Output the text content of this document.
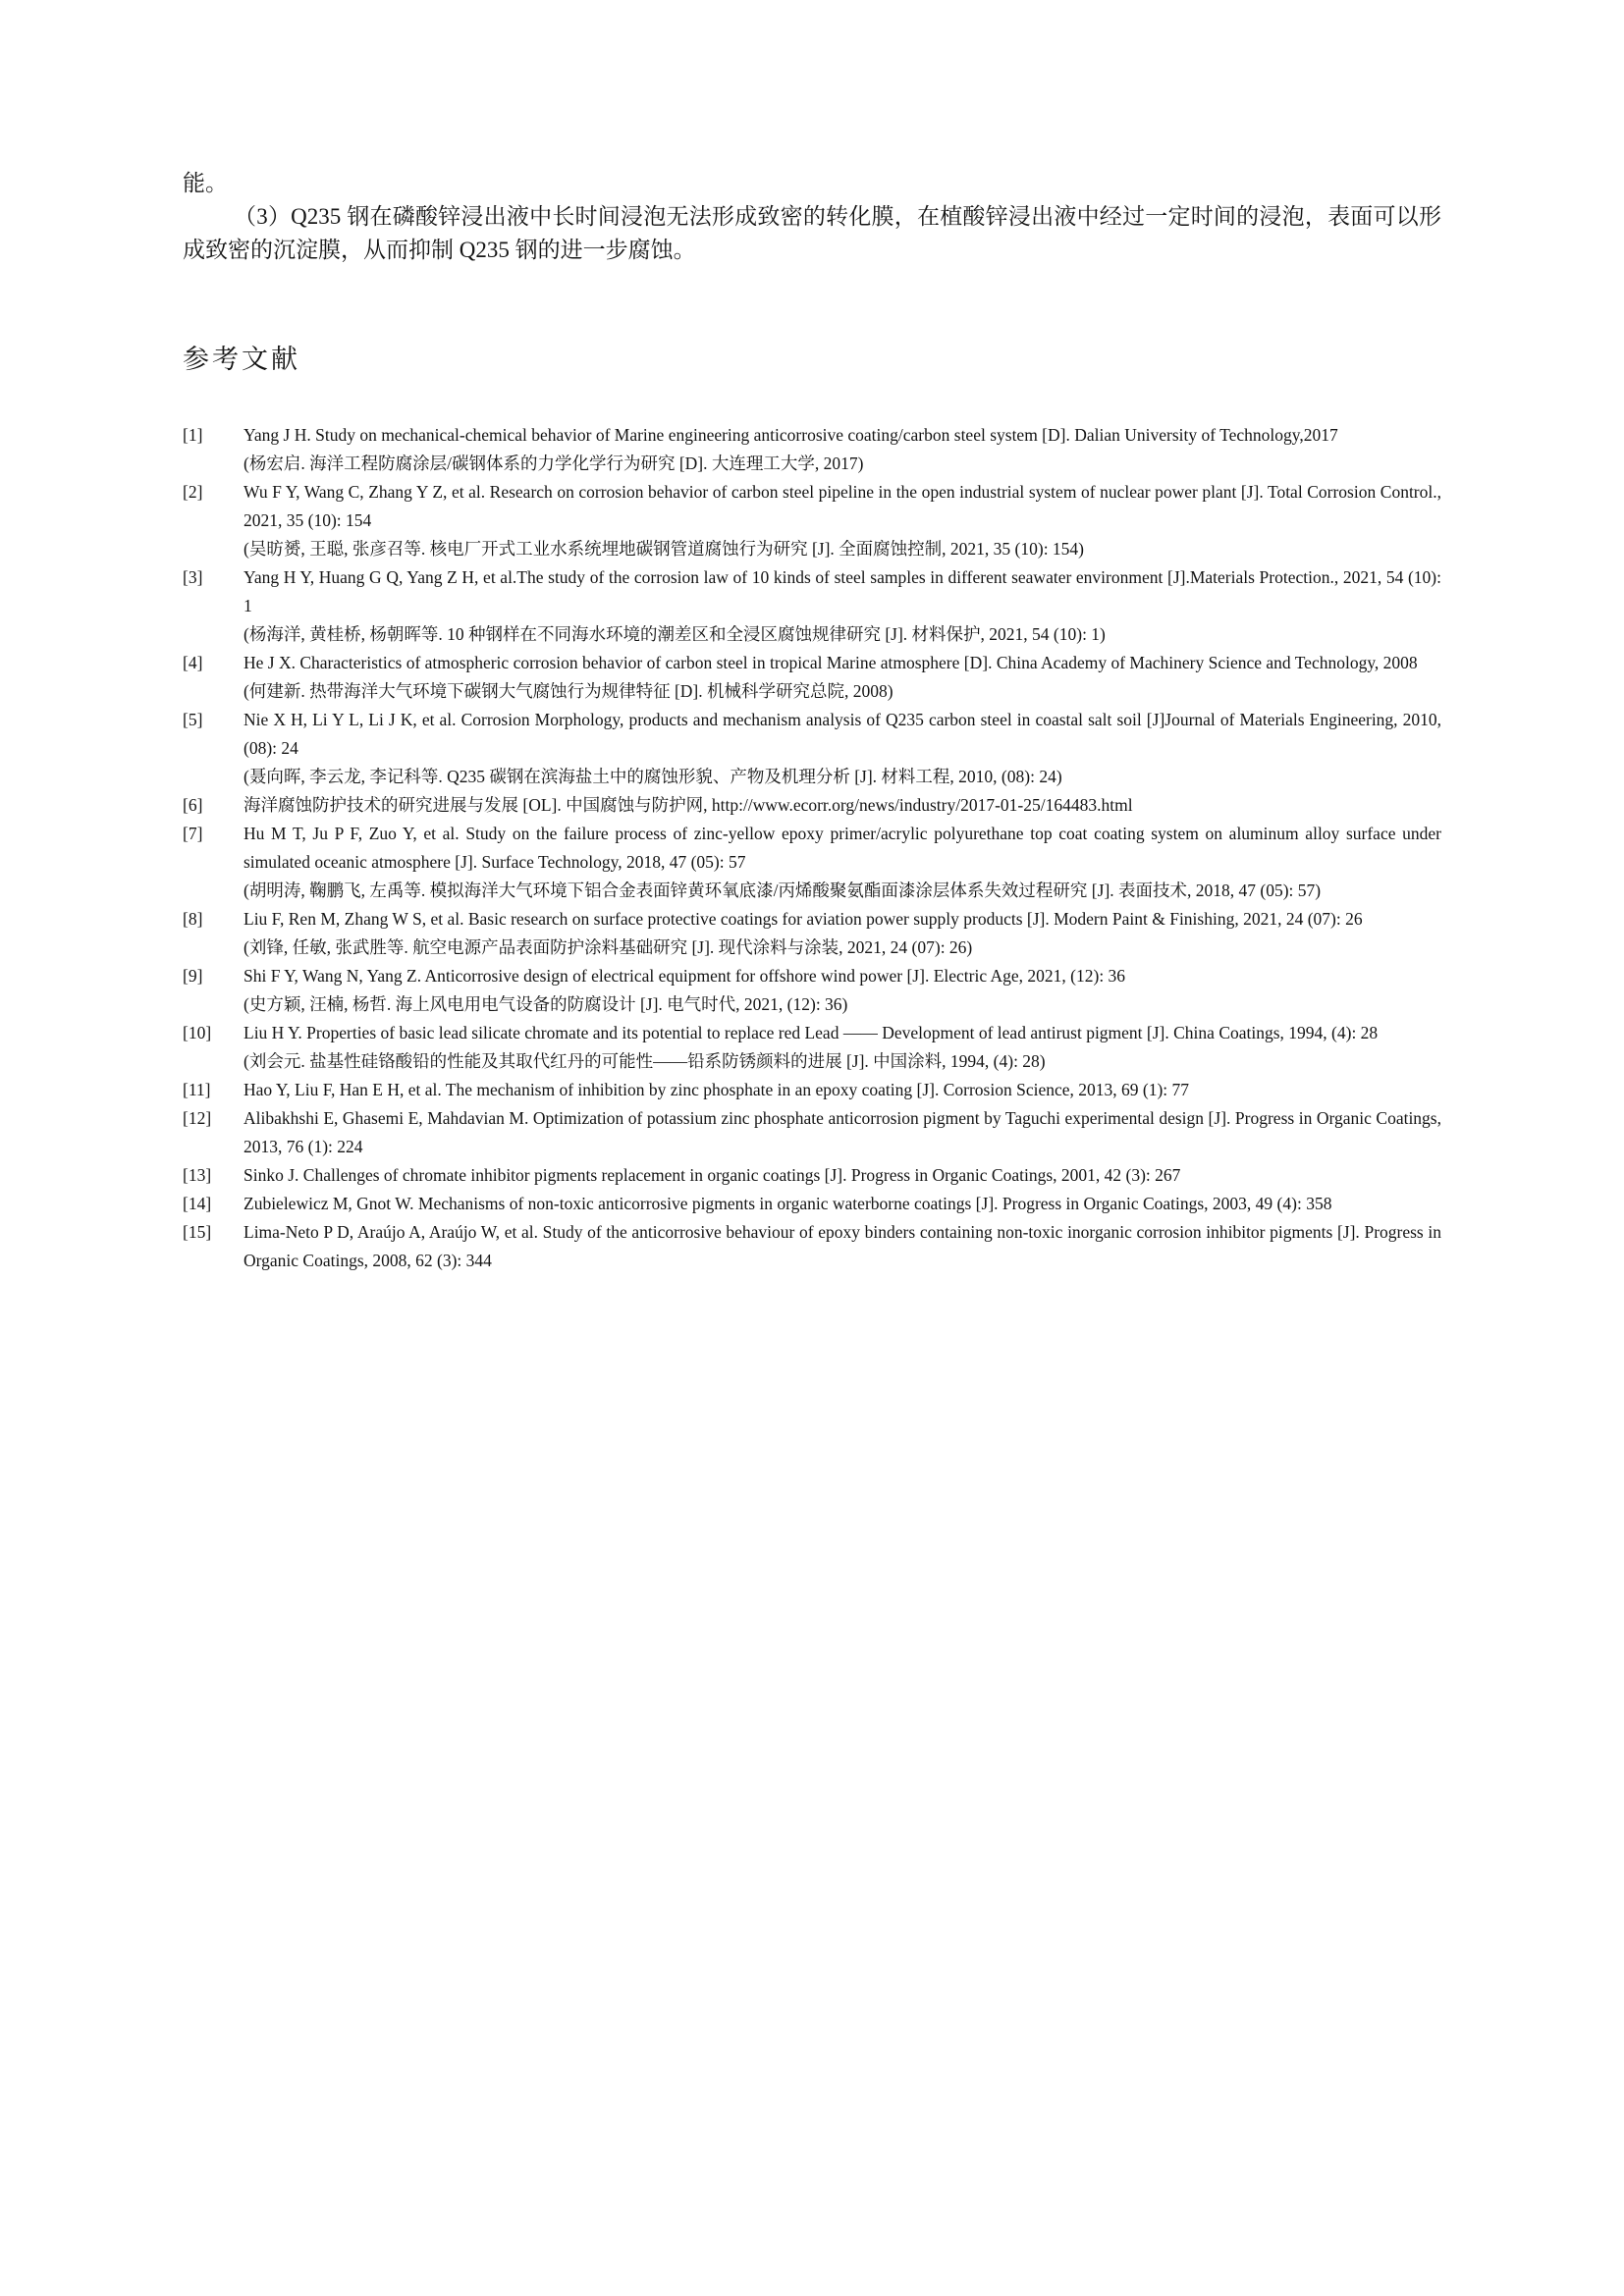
能。

（3）Q235 钢在磷酸锌浸出液中长时间浸泡无法形成致密的转化膜，在植酸锌浸出液中经过一定时间的浸泡，表面可以形成致密的沉淀膜，从而抑制 Q235 钢的进一步腐蚀。

参考文献
[1] Yang J H. Study on mechanical-chemical behavior of Marine engineering anticorrosive coating/carbon steel system [D]. Dalian University of Technology,2017
(杨宏启. 海洋工程防腐涂层/碳钢体系的力学化学行为研究 [D]. 大连理工大学, 2017)
[2] Wu F Y, Wang C, Zhang Y Z, et al. Research on corrosion behavior of carbon steel pipeline in the open industrial system of nuclear power plant [J]. Total Corrosion Control., 2021, 35 (10): 154
(吴昉赟, 王聪, 张彦召等. 核电厂开式工业水系统埋地碳钢管道腐蚀行为研究 [J]. 全面腐蚀控制, 2021, 35 (10): 154)
[3] Yang H Y, Huang G Q, Yang Z H, et al.The study of the corrosion law of 10 kinds of steel samples in different seawater environment [J].Materials Protection., 2021, 54 (10): 1
(杨海洋, 黄桂桥, 杨朝晖等. 10 种钢样在不同海水环境的潮差区和全浸区腐蚀规律研究 [J]. 材料保护, 2021, 54 (10): 1)
[4] He J X. Characteristics of atmospheric corrosion behavior of carbon steel in tropical Marine atmosphere [D]. China Academy of Machinery Science and Technology, 2008
(何建新. 热带海洋大气环境下碳钢大气腐蚀行为规律特征 [D]. 机械科学研究总院, 2008)
[5] Nie X H, Li Y L, Li J K, et al. Corrosion Morphology, products and mechanism analysis of Q235 carbon steel in coastal salt soil [J]Journal of Materials Engineering, 2010, (08): 24
(聂向晖, 李云龙, 李记科等. Q235 碳钢在滨海盐土中的腐蚀形貌、产物及机理分析 [J]. 材料工程, 2010, (08): 24)
[6] 海洋腐蚀防护技术的研究进展与发展 [OL]. 中国腐蚀与防护网, http://www.ecorr.org/news/industry/2017-01-25/164483.html
[7] Hu M T, Ju P F, Zuo Y, et al. Study on the failure process of zinc-yellow epoxy primer/acrylic polyurethane top coat coating system on aluminum alloy surface under simulated oceanic atmosphere [J]. Surface Technology, 2018, 47 (05): 57
(胡明涛, 鞠鹏飞, 左禹等. 模拟海洋大气环境下铝合金表面锌黄环氧底漆/丙烯酸聚氨酯面漆涂层体系失效过程研究 [J]. 表面技术, 2018, 47 (05): 57)
[8] Liu F, Ren M, Zhang W S, et al. Basic research on surface protective coatings for aviation power supply products [J]. Modern Paint & Finishing, 2021, 24 (07): 26
(刘锋, 任敏, 张武胜等. 航空电源产品表面防护涂料基础研究 [J]. 现代涂料与涂装, 2021, 24 (07): 26)
[9] Shi F Y, Wang N, Yang Z. Anticorrosive design of electrical equipment for offshore wind power [J]. Electric Age, 2021, (12): 36
(史方颖, 汪楠, 杨哲. 海上风电用电气设备的防腐设计 [J]. 电气时代, 2021, (12): 36)
[10] Liu H Y. Properties of basic lead silicate chromate and its potential to replace red Lead —— Development of lead antirust pigment [J]. China Coatings, 1994, (4): 28
(刘会元. 盐基性硅铬酸铅的性能及其取代红丹的可能性——铅系防锈颜料的进展 [J]. 中国涂料, 1994, (4): 28)
[11] Hao Y, Liu F, Han E H, et al. The mechanism of inhibition by zinc phosphate in an epoxy coating [J]. Corrosion Science, 2013, 69 (1): 77
[12] Alibakhshi E, Ghasemi E, Mahdavian M. Optimization of potassium zinc phosphate anticorrosion pigment by Taguchi experimental design [J]. Progress in Organic Coatings, 2013, 76 (1): 224
[13] Sinko J. Challenges of chromate inhibitor pigments replacement in organic coatings [J]. Progress in Organic Coatings, 2001, 42 (3): 267
[14] Zubielewicz M, Gnot W. Mechanisms of non-toxic anticorrosive pigments in organic waterborne coatings [J]. Progress in Organic Coatings, 2003, 49 (4): 358
[15] Lima-Neto P D, Araújo A, Araújo W, et al. Study of the anticorrosive behaviour of epoxy binders containing non-toxic inorganic corrosion inhibitor pigments [J]. Progress in Organic Coatings, 2008, 62 (3): 344
